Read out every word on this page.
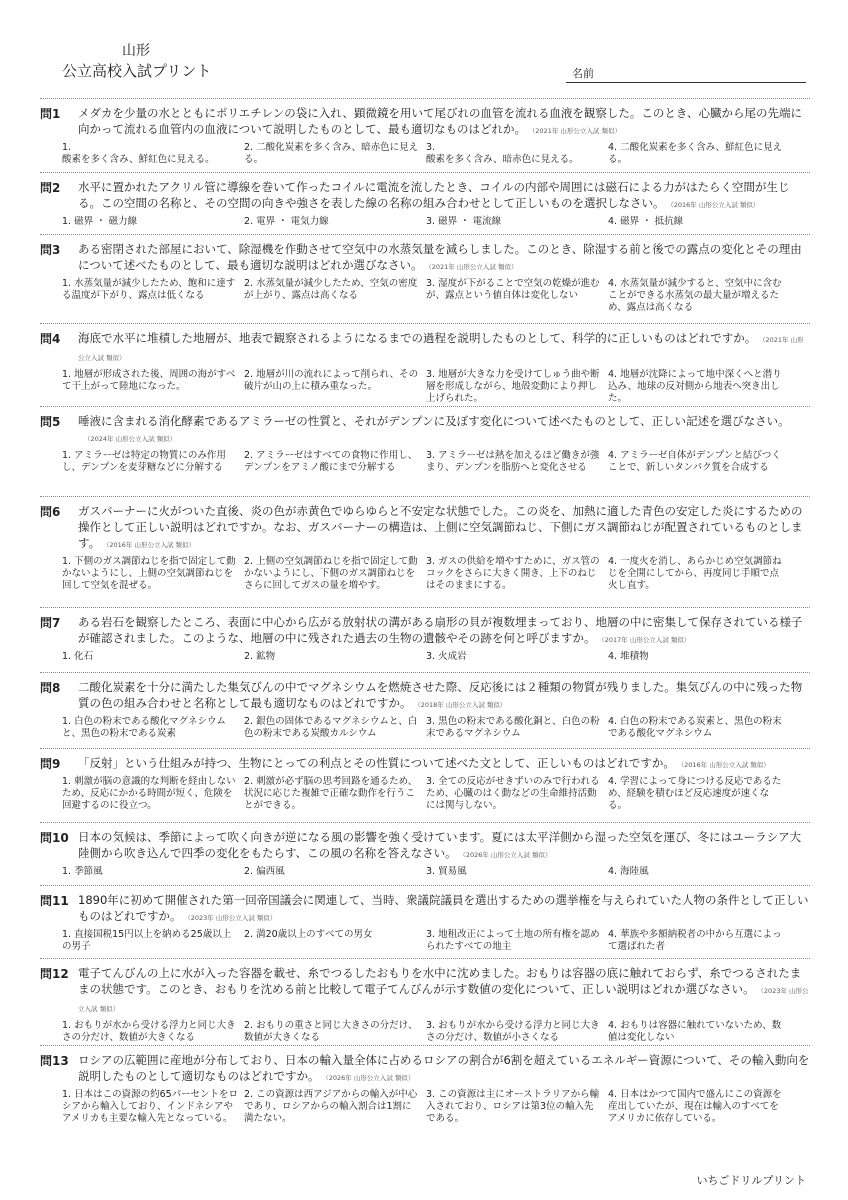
山形
公立高校入試プリント	名前
問1 メダカを少量の水とともにポリエチレンの袋に入れ、顕微鏡を用いて尾びれの血管を流れる血液を観察した。このとき、心臓から尾の先端に向かって流れる血管内の血液について説明したものとして、最も適切なものはどれか。 （2021年 山形公立入試 類似）
1.
酸素を多く含み、鮮紅色に見える。
2. 二酸化炭素を多く含み、暗赤色に見える。
3.
酸素を多く含み、暗赤色に見える。
4. 二酸化炭素を多く含み、鮮紅色に見える。
問2 水平に置かれたアクリル管に導線を巻いて作ったコイルに電流を流したとき、コイルの内部や周囲には磁石による力がはたらく空間が生じる。この空間の名称と、その空間の向きや強さを表した線の名称の組み合わせとして正しいものを選択しなさい。 （2016年 山形公立入試 類似）
1. 磁界 ・ 磁力線	2. 電界 ・ 電気力線	3. 磁界 ・ 電流線	4. 磁界 ・ 抵抗線
問3 ある密閉された部屋において、除湿機を作動させて空気中の水蒸気量を減らしました。このとき、除湿する前と後での露点の変化とその理由について述べたものとして、最も適切な説明はどれか選びなさい。 （2021年 山形公立入試 類似）
1. 水蒸気量が減少したため、飽和に達する温度が下がり、露点は低くなる
2. 水蒸気量が減少したため、空気の密度が上がり、露点は高くなる
3. 湿度が下がることで空気の乾燥が進むが、露点という値自体は変化しない
4. 水蒸気量が減少すると、空気中に含むことができる水蒸気の最大量が増えるため、露点は高くなる
問4 海底で水平に堆積した地層が、地表で観察されるようになるまでの過程を説明したものとして、科学的に正しいものはどれですか。 （2021年 山形公立入試 類似）
1. 地層が形成された後、周囲の海がすべて干上がって陸地になった。
2. 地層が川の流れによって削られ、その破片が山の上に積み重なった。
3. 地層が大きな力を受けてしゅう曲や断層を形成しながら、地殻変動により押し上げられた。
4. 地層が沈降によって地中深くへと潜り込み、地球の反対側から地表へ突き出した。
問5 唾液に含まれる消化酵素であるアミラーゼの性質と、それがデンプンに及ぼす変化について述べたものとして、正しい記述を選びなさい。（2024年 山形公立入試 類似）
1. アミラーゼは特定の物質にのみ作用し、デンプンを麦芽糖などに分解する
2. アミラーゼはすべての食物に作用し、デンプンをアミノ酸にまで分解する
3. アミラーゼは熱を加えるほど働きが強まり、デンプンを脂肪へと変化させる
4. アミラーゼ自体がデンプンと結びつくことで、新しいタンパク質を合成する
問6 ガスバーナーに火がついた直後、炎の色が赤黄色でゆらゆらと不安定な状態でした。この炎を、加熱に適した青色の安定した炎にするための操作として正しい説明はどれですか。なお、ガスバーナーの構造は、上側に空気調節ねじ、下側にガス調節ねじが配置されているものとします。 （2016年 山形公立入試 類似）
1. 下側のガス調節ねじを指で固定して動かないようにし、上側の空気調節ねじを回して空気を混ぜる。
2. 上側の空気調節ねじを指で固定して動かないようにし、下側のガス調節ねじをさらに回してガスの量を増やす。
3. ガスの供給を増やすために、ガス管のコックをさらに大きく開き、上下のねじはそのままにする。
4. 一度火を消し、あらかじめ空気調節ねじを全開にしてから、再度同じ手順で点火し直す。
問7 ある岩石を観察したところ、表面に中心から広がる放射状の溝がある扇形の貝が複数埋まっており、地層の中に密集して保存されている様子が確認されました。このような、地層の中に残された過去の生物の遺骸やその跡を何と呼びますか。 （2017年 山形公立入試 類似）
1. 化石	2. 鉱物	3. 火成岩	4. 堆積物
問8 二酸化炭素を十分に満たした集気びんの中でマグネシウムを燃焼させた際、反応後には２種類の物質が残りました。集気びんの中に残った物質の色の組み合わせと名称として最も適切なものはどれですか。 （2018年 山形公立入試 類似）
1. 白色の粉末である酸化マグネシウムと、黒色の粉末である炭素
2. 銀色の固体であるマグネシウムと、白色の粉末である炭酸カルシウム
3. 黒色の粉末である酸化銅と、白色の粉末であるマグネシウム
4. 白色の粉末である炭素と、黒色の粉末である酸化マグネシウム
問9 「反射」という仕組みが持つ、生物にとっての利点とその性質について述べた文として、正しいものはどれですか。 （2016年 山形公立入試 類似）
1. 刺激が脳の意識的な判断を経由しないため、反応にかかる時間が短く、危険を回避するのに役立つ。
2. 刺激が必ず脳の思考回路を通るため、状況に応じた複雑で正確な動作を行うことができる。
3. 全ての反応がせきずいのみで行われるため、心臓のはく動などの生命維持活動には関与しない。
4. 学習によって身につける反応であるため、経験を積むほど反応速度が速くなる。
問10 日本の気候は、季節によって吹く向きが逆になる風の影響を強く受けています。夏には太平洋側から湿った空気を運び、冬にはユーラシア大陸側から吹き込んで四季の変化をもたらす、この風の名称を答えなさい。 （2026年 山形公立入試 類似）
1. 季節風	2. 偏西風	3. 貿易風	4. 海陸風
問11 1890年に初めて開催された第一回帝国議会に関連して、当時、衆議院議員を選出するための選挙権を与えられていた人物の条件として正しいものはどれですか。 （2023年 山形公立入試 類似）
1. 直接国税15円以上を納める25歳以上の男子
2. 満20歳以上のすべての男女	3. 地租改正によって土地の所有権を認められたすべての地主
4. 華族や多額納税者の中から互選によって選ばれた者
問12 電子てんびんの上に水が入った容器を載せ、糸でつるしたおもりを水中に沈めました。おもりは容器の底に触れておらず、糸でつるされたままの状態です。このとき、おもりを沈める前と比較して電子てんびんが示す数値の変化について、正しい説明はどれか選びなさい。 （2023年 山形公立入試 類似）
1. おもりが水から受ける浮力と同じ大きさの分だけ、数値が大きくなる
2. おもりの重さと同じ大きさの分だけ、数値が大きくなる
3. おもりが水から受ける浮力と同じ大きさの分だけ、数値が小さくなる
4. おもりは容器に触れていないため、数値は変化しない
問13 ロシアの広範囲に産地が分布しており、日本の輸入量全体に占めるロシアの割合が6割を超えているエネルギー資源について、その輸入動向を説明したものとして適切なものはどれですか。 （2026年 山形公立入試 類似）
1. 日本はこの資源の約65パーセントをロシアから輸入しており、インドネシアやアメリカも主要な輸入先となっている。
2. この資源は西アジアからの輸入が中心であり、ロシアからの輸入割合は1割に満たない。
3. この資源は主にオーストラリアから輸入されており、ロシアは第3位の輸入先である。
4. 日本はかつて国内で盛んにこの資源を産出していたが、現在は輸入のすべてをアメリカに依存している。
いちごドリルプリント
